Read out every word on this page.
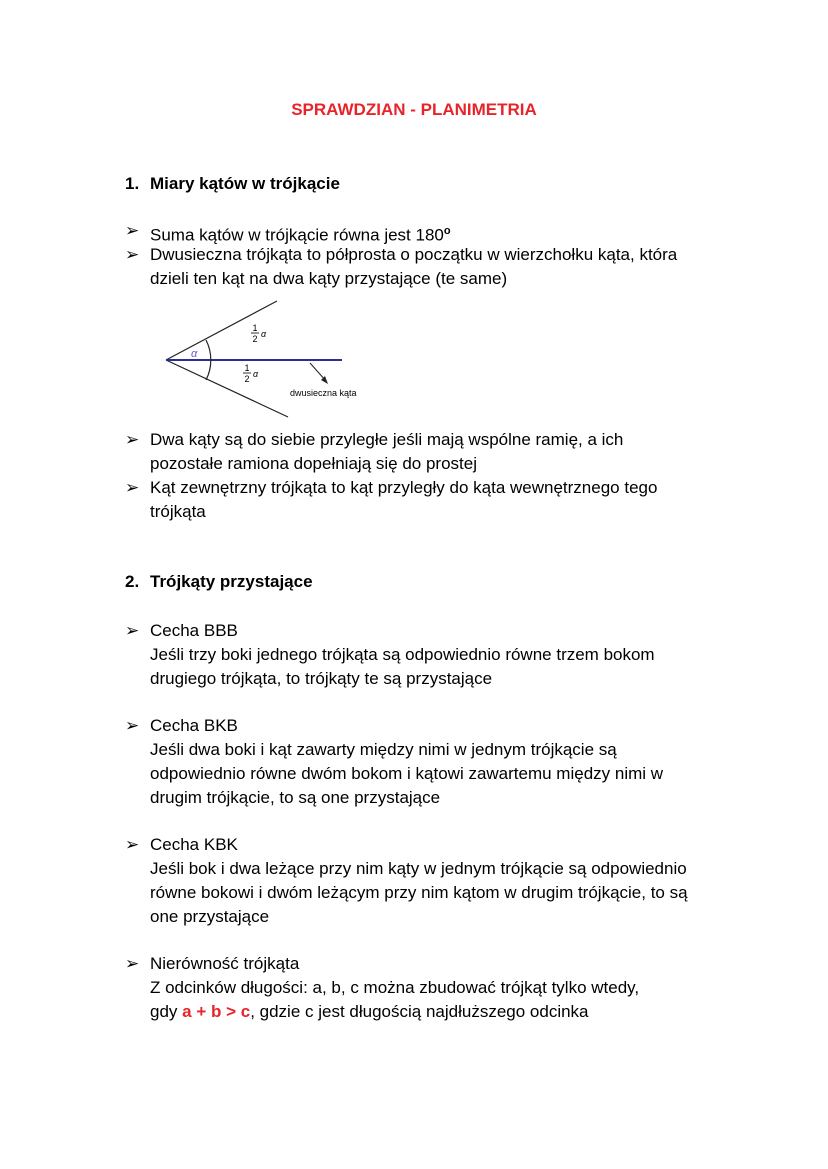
SPRAWDZIAN - PLANIMETRIA
1. Miary kątów w trójkącie
➢ Suma kątów w trójkącie równa jest 180$^o$
➢ Dwusieczna trójkąta to półprosta o początku w wierzchołku kąta, która
dzieli ten kąt na dwa kąty przystające (te same)
α
1
2 α
1
2 α
dwusieczna kąta
➢ Dwa kąty są do siebie przyległe jeśli mają wspólne ramię, a ich
pozostałe ramiona dopełniają się do prostej
➢ Kąt zewnętrzny trójkąta to kąt przyległy do kąta wewnętrznego tego
trójkąta
2. Trójkąty przystające
➢ Cecha BBB
Jeśli trzy boki jednego trójkąta są odpowiednio równe trzem bokom
drugiego trójkąta, to trójkąty te są przystające
➢ Cecha BKB
Jeśli dwa boki i kąt zawarty między nimi w jednym trójkącie są
odpowiednio równe dwóm bokom i kątowi zawartemu między nimi w
drugim trójkącie, to są one przystające
➢ Cecha KBK
Jeśli bok i dwa leżące przy nim kąty w jednym trójkącie są odpowiednio
równe bokowi i dwóm leżącym przy nim kątom w drugim trójkącie, to są
one przystające
➢ Nierówność trójkąta
Z odcinków długości: a, b, c można zbudować trójkąt tylko wtedy,
gdy a + b > c, gdzie c jest długością najdłuższego odcinka
